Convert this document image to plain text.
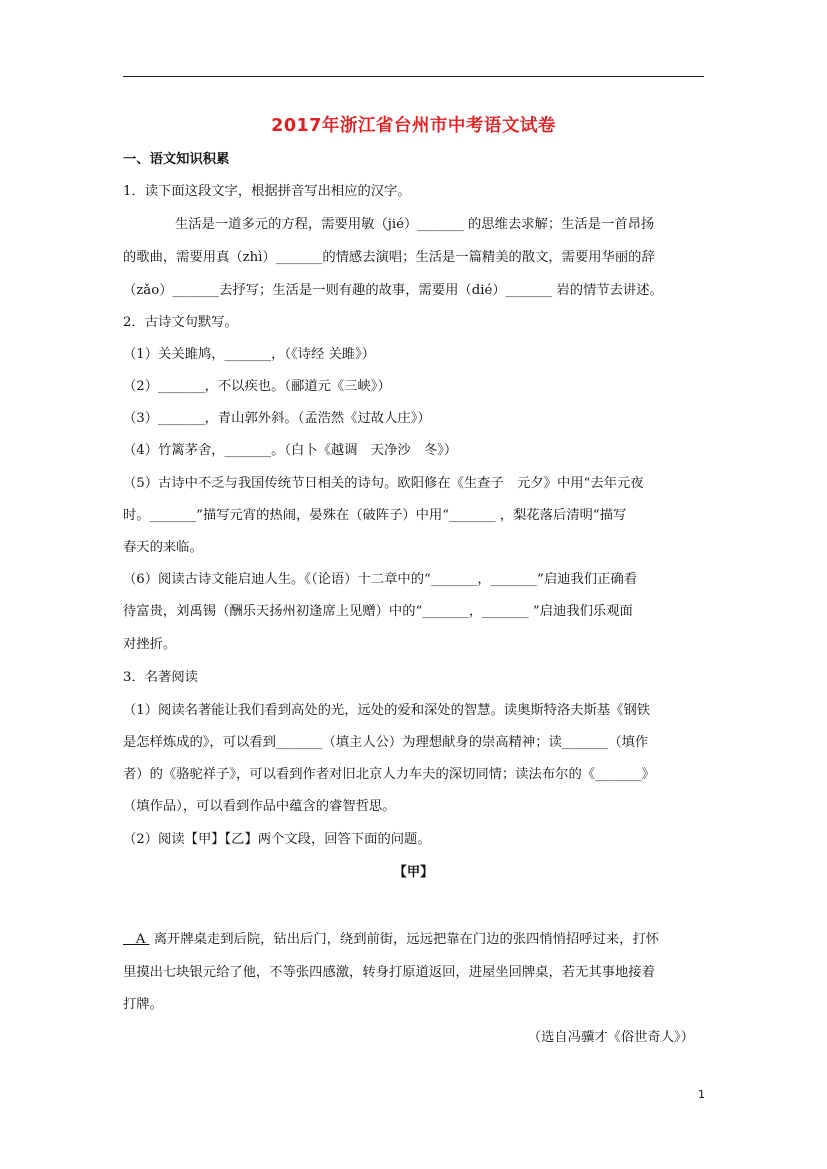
2017年浙江省台州市中考语文试卷
一、语文知识积累
1．读下面这段文字，根据拼音写出相应的汉字。
生活是一道多元的方程，需要用敏（jié）_______ 的思维去求解；生活是一首昂扬
的歌曲，需要用真（zhì）_______的情感去演唱；生活是一篇精美的散文，需要用华丽的辞
（zǎo）_______去抒写；生活是一则有趣的故事，需要用（dié）_______ 岩的情节去讲述。
2．古诗文句默写。
（1）关关雎鸠，_______，（《诗经 关雎》）
（2）_______，不以疾也。（郦道元《三峡》）
（3）_______，青山郭外斜。（孟浩然《过故人庄》）
（4）竹篱茅舍，_______。（白卜《越调　天净沙　冬》）
（5）古诗中不乏与我国传统节日相关的诗句。欧阳修在《生查子　元夕》中用“去年元夜
时。_______”描写元宵的热闹，晏殊在（破阵子）中用“_______ ，梨花落后清明”描写
春天的来临。
（6）阅读古诗文能启迪人生。《（论语）十二章中的“_______，_______”启迪我们正确看
待富贵，刘禹锡（酬乐天扬州初逢席上见赠）中的“_______，_______ ”启迪我们乐观面
对挫折。
3．名著阅读
（1）阅读名著能让我们看到高处的光，远处的爱和深处的智慧。读奥斯特洛夫斯基《钢铁
是怎样炼成的》，可以看到_______（填主人公）为理想献身的崇高精神；读_______（填作
者）的《骆驼祥子》，可以看到作者对旧北京人力车夫的深切同情；读法布尔的《_______》
（填作品），可以看到作品中蕴含的睿智哲思。
（2）阅读【甲】【乙】两个文段，回答下面的问题。
【甲】
A 离开牌桌走到后院，钻出后门，绕到前街，远远把靠在门边的张四悄悄招呼过来，打怀
里摸出七块银元给了他，不等张四感激，转身打原道返回，进屋坐回牌桌，若无其事地接着
打牌。
（选自冯骥才《俗世奇人》）
1
